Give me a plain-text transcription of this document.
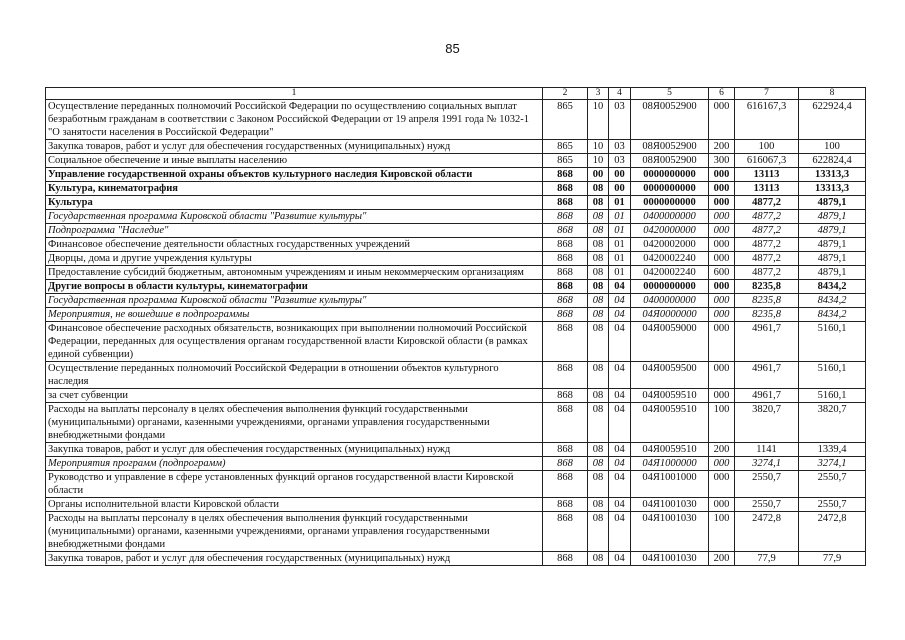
85
1	2	3	4	5	6	7	8
Осуществление переданных полномочий Российской Федерации по осуществлению социальных выплат безработным гражданам в соответствии с Законом Российской Федерации от 19 апреля 1991 года № 1032-1 "О занятости населения в Российской Федерации"	865	10	03	08Я0052900	000	616167,3	622924,4
Закупка товаров, работ и услуг для обеспечения государственных (муниципальных) нужд	865	10	03	08Я0052900	200	100	100
Социальное обеспечение и иные выплаты населению	865	10	03	08Я0052900	300	616067,3	622824,4
Управление государственной охраны объектов культурного наследия Кировской области	868	00	00	0000000000	000	13113	13313,3
Культура, кинематография	868	08	00	0000000000	000	13113	13313,3
Культура	868	08	01	0000000000	000	4877,2	4879,1
Государственная программа Кировской области "Развитие культуры"	868	08	01	0400000000	000	4877,2	4879,1
Подпрограмма "Наследие"	868	08	01	0420000000	000	4877,2	4879,1
Финансовое обеспечение деятельности областных государственных учреждений	868	08	01	0420002000	000	4877,2	4879,1
Дворцы, дома и другие учреждения культуры	868	08	01	0420002240	000	4877,2	4879,1
Предоставление субсидий бюджетным, автономным учреждениям и иным некоммерческим организациям	868	08	01	0420002240	600	4877,2	4879,1
Другие вопросы в области культуры, кинематографии	868	08	04	0000000000	000	8235,8	8434,2
Государственная программа Кировской области "Развитие культуры"	868	08	04	0400000000	000	8235,8	8434,2
Мероприятия, не вошедшие в подпрограммы	868	08	04	04Я0000000	000	8235,8	8434,2
Финансовое обеспечение расходных обязательств, возникающих при выполнении полномочий Российской Федерации, переданных для осуществления органам государственной власти Кировской области (в рамках единой субвенции)	868	08	04	04Я0059000	000	4961,7	5160,1
Осуществление переданных полномочий Российской Федерации в отношении объектов культурного наследия	868	08	04	04Я0059500	000	4961,7	5160,1
за счет субвенции	868	08	04	04Я0059510	000	4961,7	5160,1
Расходы на выплаты персоналу в целях обеспечения выполнения функций государственными (муниципальными) органами, казенными учреждениями, органами управления государственными внебюджетными фондами	868	08	04	04Я0059510	100	3820,7	3820,7
Закупка товаров, работ и услуг для обеспечения государственных (муниципальных) нужд	868	08	04	04Я0059510	200	1141	1339,4
Мероприятия программ (подпрограмм)	868	08	04	04Я1000000	000	3274,1	3274,1
Руководство и управление в сфере установленных функций органов государственной власти Кировской области	868	08	04	04Я1001000	000	2550,7	2550,7
Органы исполнительной власти Кировской области	868	08	04	04Я1001030	000	2550,7	2550,7
Расходы на выплаты персоналу в целях обеспечения выполнения функций государственными (муниципальными) органами, казенными учреждениями, органами управления государственными внебюджетными фондами	868	08	04	04Я1001030	100	2472,8	2472,8
Закупка товаров, работ и услуг для обеспечения государственных (муниципальных) нужд	868	08	04	04Я1001030	200	77,9	77,9
